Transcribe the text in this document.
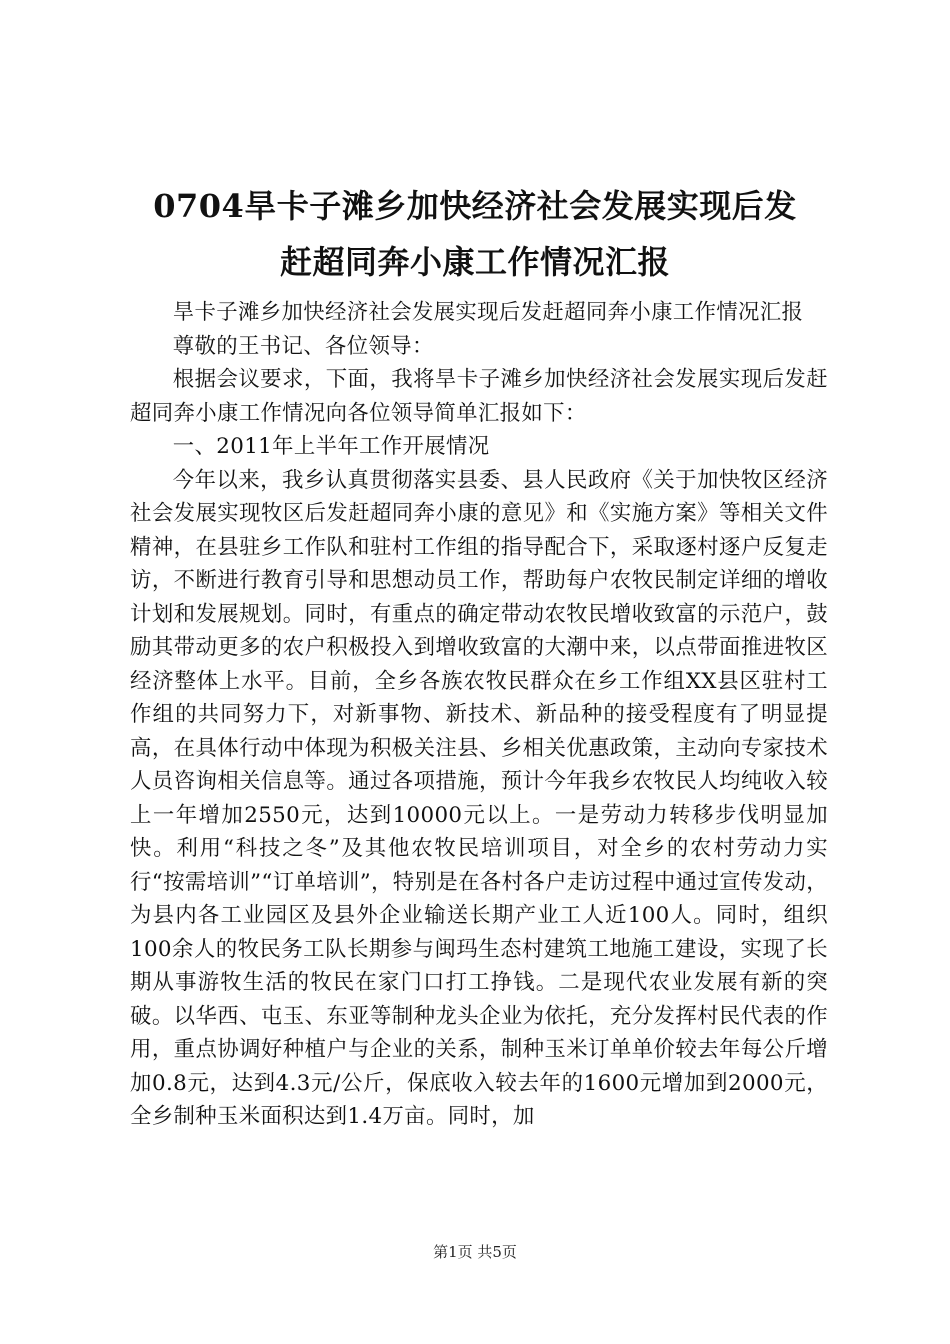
0704旱卡子滩乡加快经济社会发展实现后发
赶超同奔小康工作情况汇报

旱卡子滩乡加快经济社会发展实现后发赶超同奔小康工作情况汇报

尊敬的王书记、各位领导：

根据会议要求，下面，我将旱卡子滩乡加快经济社会发展实现后发赶超同奔小康工作情况向各位领导简单汇报如下：

一、2011年上半年工作开展情况

今年以来，我乡认真贯彻落实县委、县人民政府《关于加快牧区经济社会发展实现牧区后发赶超同奔小康的意见》和《实施方案》等相关文件精神，在县驻乡工作队和驻村工作组的指导配合下，采取逐村逐户反复走访，不断进行教育引导和思想动员工作，帮助每户农牧民制定详细的增收计划和发展规划。同时，有重点的确定带动农牧民增收致富的示范户，鼓励其带动更多的农户积极投入到增收致富的大潮中来，以点带面推进牧区经济整体上水平。目前，全乡各族农牧民群众在乡工作组XX县区驻村工作组的共同努力下，对新事物、新技术、新品种的接受程度有了明显提高，在具体行动中体现为积极关注县、乡相关优惠政策，主动向专家技术人员咨询相关信息等。通过各项措施，预计今年我乡农牧民人均纯收入较上一年增加2550元，达到10000元以上。一是劳动力转移步伐明显加快。利用“科技之冬”及其他农牧民培训项目，对全乡的农村劳动力实行“按需培训”“订单培训”，特别是在各村各户走访过程中通过宣传发动，为县内各工业园区及县外企业输送长期产业工人近100人。同时，组织100余人的牧民务工队长期参与闽玛生态村建筑工地施工建设，实现了长期从事游牧生活的牧民在家门口打工挣钱。二是现代农业发展有新的突破。以华西、屯玉、东亚等制种龙头企业为依托，充分发挥村民代表的作用，重点协调好种植户与企业的关系，制种玉米订单单价较去年每公斤增加0.8元，达到4.3元/公斤，保底收入较去年的1600元增加到2000元，全乡制种玉米面积达到1.4万亩。同时，加

第1页 共5页
